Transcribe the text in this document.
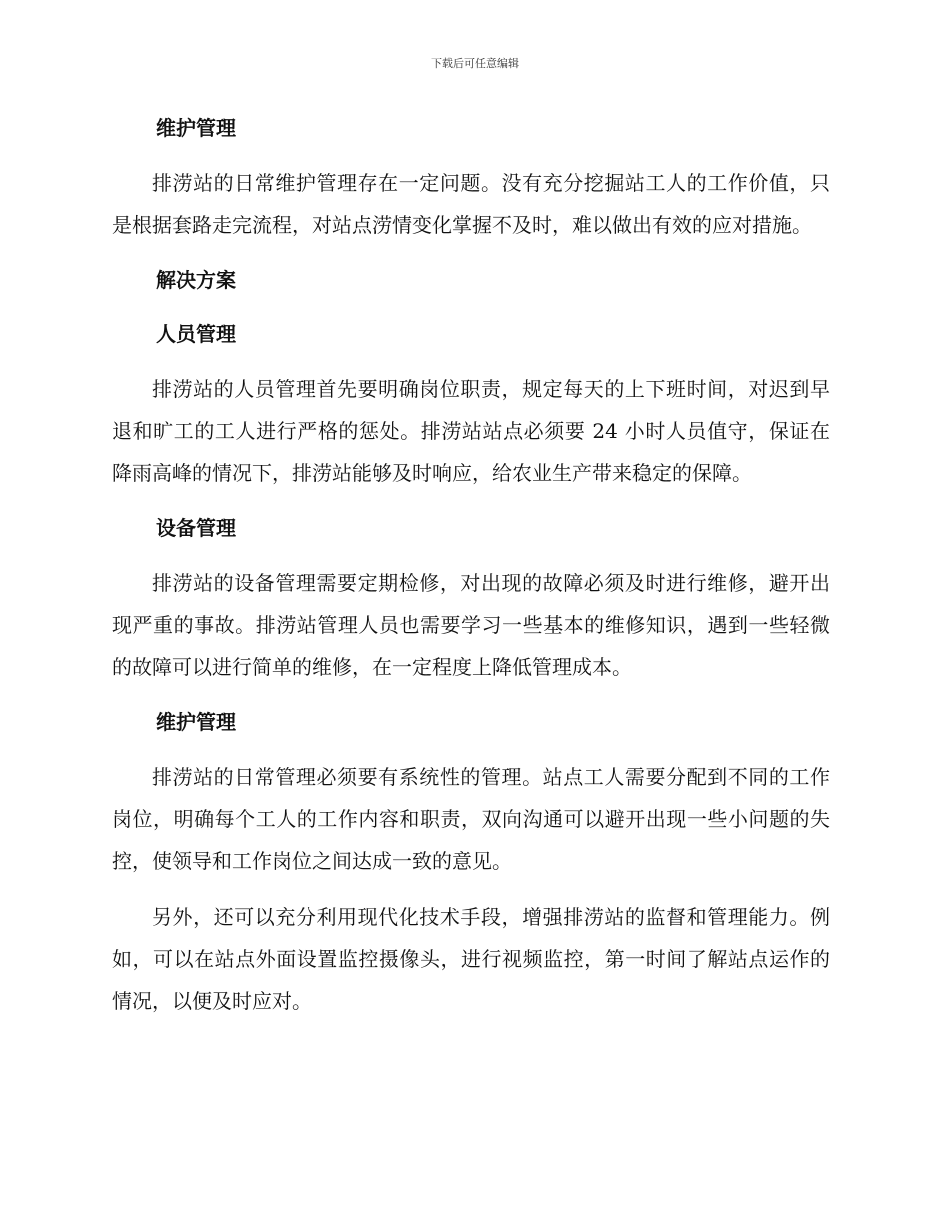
下载后可任意编辑
维护管理

排涝站的日常维护管理存在一定问题。没有充分挖掘站工人的工作价值，只是根据套路走完流程，对站点涝情变化掌握不及时，难以做出有效的应对措施。

解决方案
人员管理

排涝站的人员管理首先要明确岗位职责，规定每天的上下班时间，对迟到早退和旷工的工人进行严格的惩处。排涝站站点必须要 24 小时人员值守，保证在降雨高峰的情况下，排涝站能够及时响应，给农业生产带来稳定的保障。

设备管理

排涝站的设备管理需要定期检修，对出现的故障必须及时进行维修，避开出现严重的事故。排涝站管理人员也需要学习一些基本的维修知识，遇到一些轻微的故障可以进行简单的维修，在一定程度上降低管理成本。

维护管理

排涝站的日常管理必须要有系统性的管理。站点工人需要分配到不同的工作岗位，明确每个工人的工作内容和职责，双向沟通可以避开出现一些小问题的失控，使领导和工作岗位之间达成一致的意见。

另外，还可以充分利用现代化技术手段，增强排涝站的监督和管理能力。例如，可以在站点外面设置监控摄像头，进行视频监控，第一时间了解站点运作的情况，以便及时应对。
